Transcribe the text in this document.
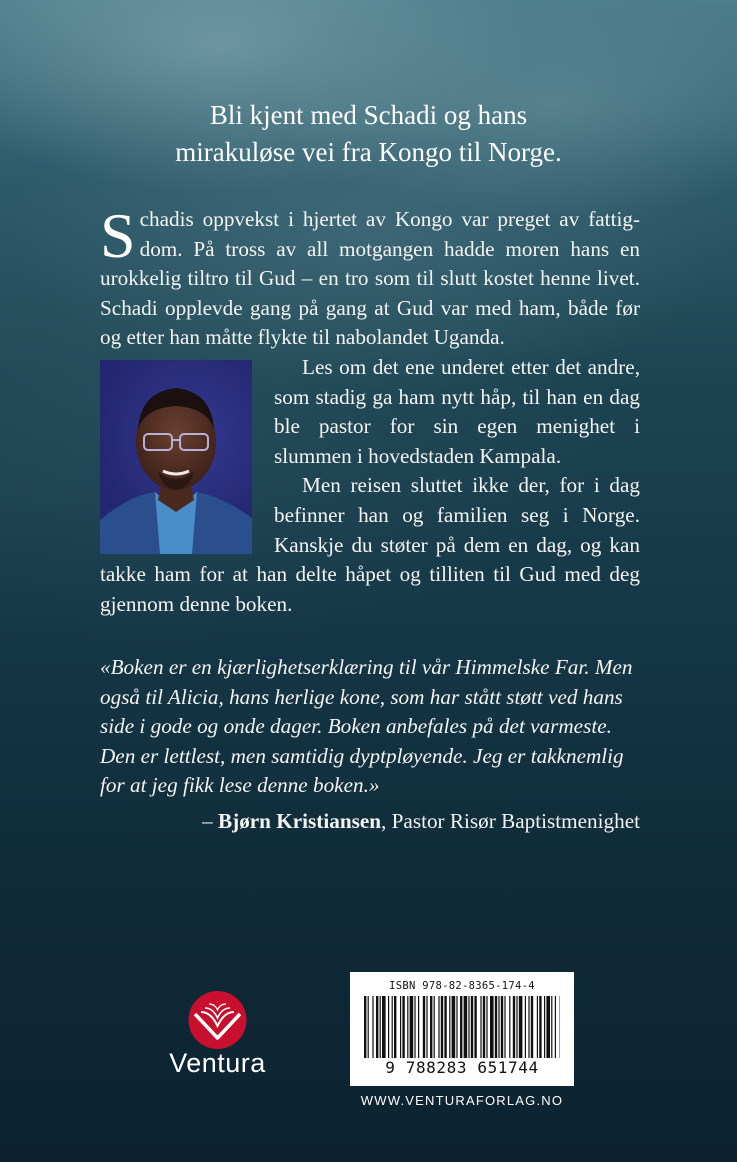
Bli kjent med Schadi og hans
mirakuløse vei fra Kongo til Norge.

Schadis oppvekst i hjertet av Kongo var preget av fattigdom. På tross av all motgangen hadde moren hans en urokkelig tiltro til Gud – en tro som til slutt kostet henne livet. Schadi opplevde gang på gang at Gud var med ham, både før og etter han måtte flykte til nabolandet Uganda.

Les om det ene underet etter det andre, som stadig ga ham nytt håp, til han en dag ble pastor for sin egen menighet i slummen i hovedstaden Kampala.

Men reisen sluttet ikke der, for i dag befinner han og familien seg i Norge. Kanskje du støter på dem en dag, og kan takke ham for at han delte håpet og tilliten til Gud med deg gjennom denne boken.

«Boken er en kjærlighetserklæring til vår Himmelske Far. Men også til Alicia, hans herlige kone, som har stått støtt ved hans side i gode og onde dager. Boken anbefales på det varmeste. Den er lettlest, men samtidig dyptpløyende. Jeg er takknemlig for at jeg fikk lese denne boken.»

– Bjørn Kristiansen, Pastor Risør Baptistmenighet
Ventura
ISBN 978-82-8365-174-4
9 788283 651744
WWW.VENTURAFORLAG.NO
